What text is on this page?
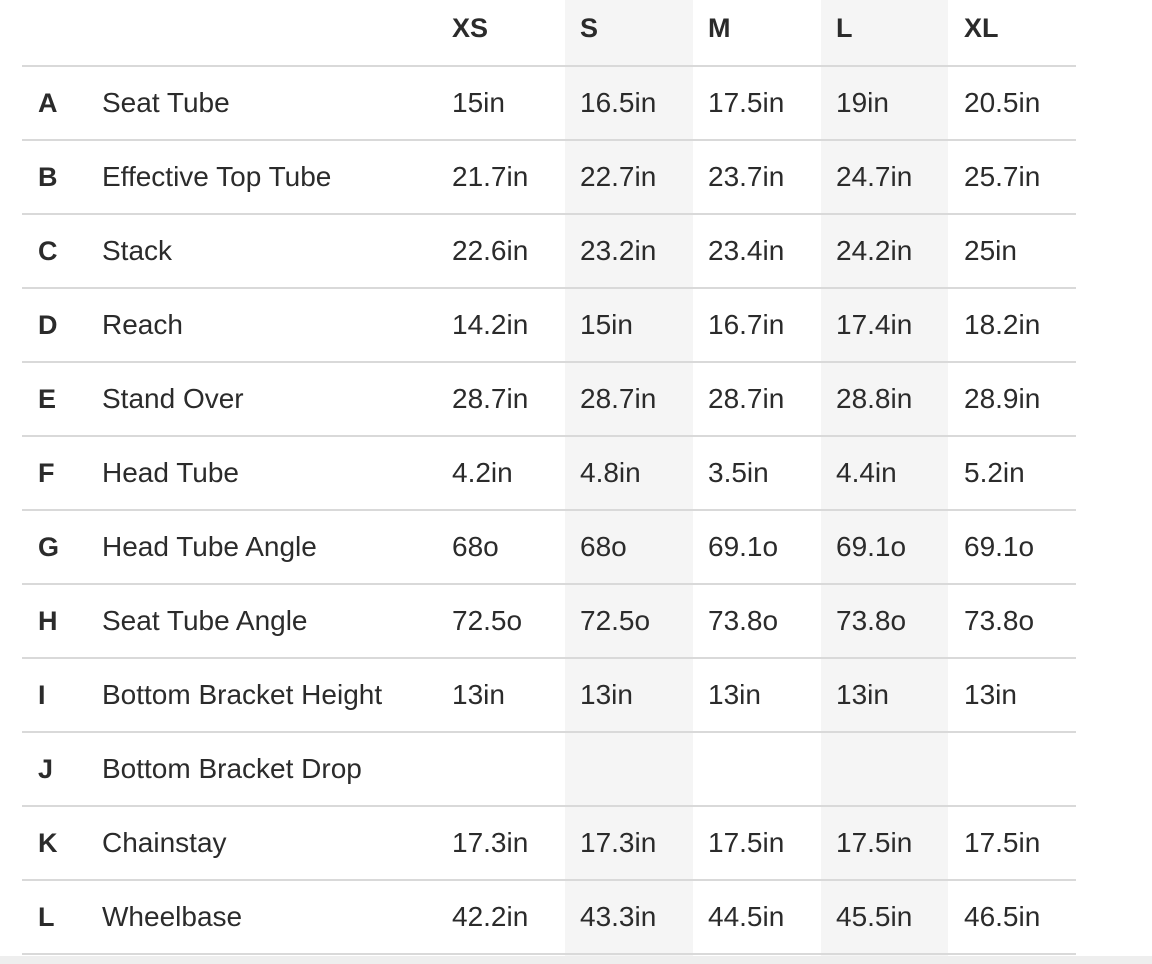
XS	S	M	L	XL
A Seat Tube	15in	16.5in 17.5in 19in	20.5in
B Effective Top Tube	21.7in 22.7in 23.7in 24.7in 25.7in
C Stack	22.6in 23.2in 23.4in 24.2in 25in
D Reach	14.2in 15in	16.7in 17.4in 18.2in
E Stand Over	28.7in 28.7in 28.7in 28.8in 28.9in
F Head Tube	4.2in 4.8in 3.5in 4.4in 5.2in
G Head Tube Angle	68o	68o	69.1o 69.1o 69.1o
H Seat Tube Angle	72.5o 72.5o 73.8o 73.8o 73.8o
I Bottom Bracket Height 13in	13in	13in	13in	13in
J Bottom Bracket Drop
K Chainstay	17.3in 17.3in 17.5in 17.5in 17.5in
L Wheelbase	42.2in 43.3in 44.5in 45.5in 46.5in
